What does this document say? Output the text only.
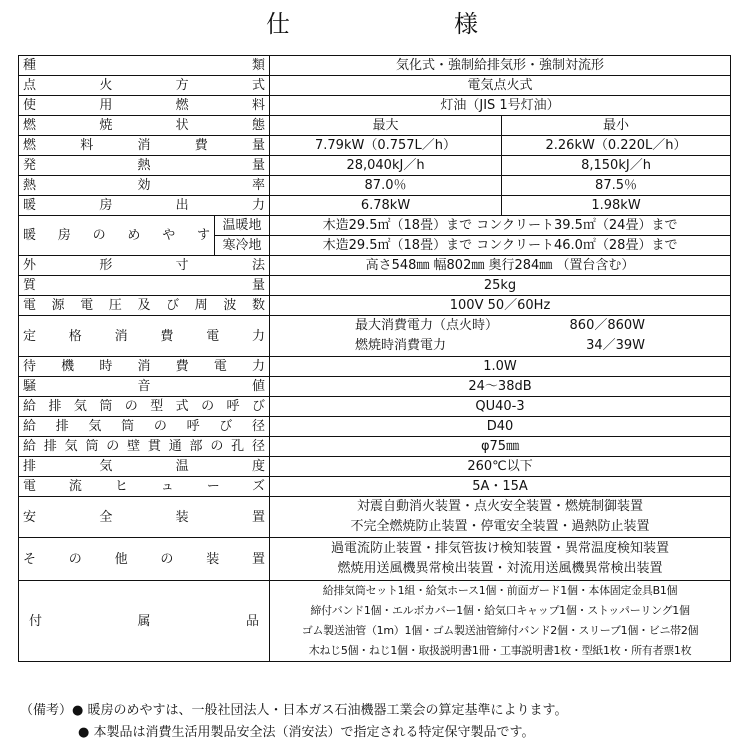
仕	様
種類		気化式・強制給排気形・強制対流形	
点火方式		電気点火式	
使用燃料		灯油（JIS 1号灯油）	
燃焼状態		最大	最小
燃料消費量		7.79kW（0.757L／h）	2.26kW（0.220L／h）
発熱量		28,040kJ／h	8,150kJ／h
熱効率		87.0％	87.5％
暖房出力		6.78kW	1.98kW
暖房のめやす	温暖地	木造29.5㎡（18畳）まで コンクリート39.5㎡（24畳）まで	
	寒冷地	木造29.5㎡（18畳）まで コンクリート46.0㎡（28畳）まで	
外形寸法		高さ548㎜ 幅802㎜ 奥行284㎜ （置台含む）	
質量		25kg	
電源電圧及び周波数		100V 50／60Hz	
定格消費電力		最大消費電力（点火時） 860／860W
燃焼時消費電力 34／39W	

待機時消費電力		1.0W	
騒音値		24〜38dB	
給排気筒の型式の呼び		QU40-3	
給排気筒の呼び径		D40	
給排気筒の壁貫通部の孔径		φ75㎜	
排気温度		260℃以下	
電流ヒューズ		5A・15A	
安全装置		対震自動消火装置・点火安全装置・燃焼制御装置
不完全燃焼防止装置・停電安全装置・過熱防止装置	

その他の装置		過電流防止装置・排気管抜け検知装置・異常温度検知装置
燃焼用送風機異常検出装置・対流用送風機異常検出装置	

付属品		給排気筒セット1組・給気ホース1個・前面ガード1個・本体固定金具B1個
締付バンド1個・エルボカバー1個・給気口キャップ1個・ストッパーリング1個
ゴム製送油管（1m）1個・ゴム製送油管締付バンド2個・スリーブ1個・ビニ帯2個
木ねじ5個・ねじ1個・取扱説明書1冊・工事説明書1枚・型紙1枚・所有者票1枚	
（備考）● 暖房のめやすは、一般社団法人・日本ガス石油機器工業会の算定基準によります。
● 本製品は消費生活用製品安全法（消安法）で指定される特定保守製品です。
